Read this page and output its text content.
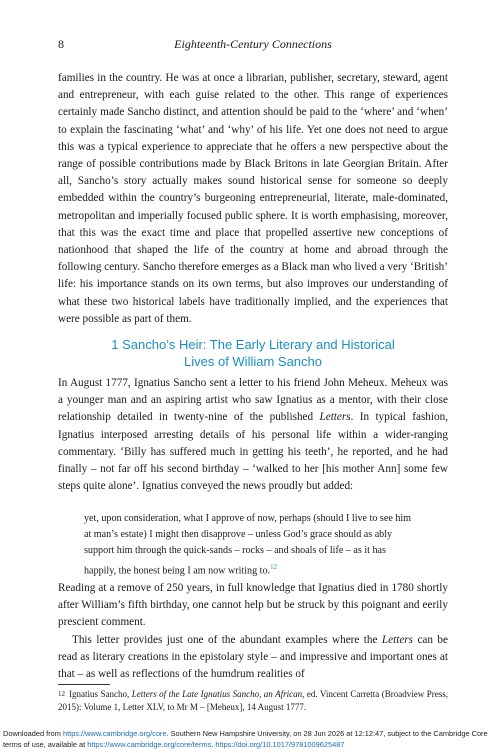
8	Eighteenth-Century Connections

families in the country. He was at once a librarian, publisher, secretary, steward, agent and entrepreneur, with each guise related to the other. This range of experiences certainly made Sancho distinct, and attention should be paid to the ‘where’ and ‘when’ to explain the fascinating ‘what’ and ‘why’ of his life. Yet one does not need to argue this was a typical experience to appreciate that he offers a new perspective about the range of possible contributions made by Black Britons in late Georgian Britain. After all, Sancho’s story actually makes sound historical sense for someone so deeply embedded within the country’s burgeoning entrepreneurial, literate, male-dominated, metropolitan and imperially focused public sphere. It is worth emphasising, moreover, that this was the exact time and place that propelled assertive new conceptions of nationhood that shaped the life of the country at home and abroad through the following century. Sancho therefore emerges as a Black man who lived a very ‘British’ life: his importance stands on its own terms, but also improves our understanding of what these two historical labels have traditionally implied, and the experiences that were possible as part of them.

1 Sancho’s Heir: The Early Literary and Historical
Lives of William Sancho

In August 1777, Ignatius Sancho sent a letter to his friend John Meheux. Meheux was a younger man and an aspiring artist who saw Ignatius as a mentor, with their close relationship detailed in twenty-nine of the published Letters. In typical fashion, Ignatius interposed arresting details of his personal life within a wider-ranging commentary. ‘Billy has suffered much in getting his teeth’, he reported, and he had finally – not far off his second birthday – ‘walked to her [his mother Ann] some few steps quite alone’. Ignatius conveyed the news proudly but added:

yet, upon consideration, what I approve of now, perhaps (should I live to see him at man’s estate) I might then disapprove – unless God’s grace should as ably support him through the quick-sands – rocks – and shoals of life – as it has happily, the honest being I am now writing to.$^{12}$

Reading at a remove of 250 years, in full knowledge that Ignatius died in 1780 shortly after William’s fifth birthday, one cannot help but be struck by this poignant and eerily prescient comment.

This letter provides just one of the abundant examples where the Letters can be read as literary creations in the epistolary style – and impressive and important ones at that – as well as reflections of the humdrum realities of

$^{12}$ Ignatius Sancho, Letters of the Late Ignatius Sancho, an African, ed. Vincent Carretta (Broadview Press, 2015): Volume 1, Letter XLV, to Mr M – [Meheux], 14 August 1777.
Downloaded from https://www.cambridge.org/core. Southern New Hampshire University, on 28 Jun 2026 at 12:12:47, subject to the Cambridge Core terms of use, available at https://www.cambridge.org/core/terms. https://doi.org/10.1017/9781009625487
